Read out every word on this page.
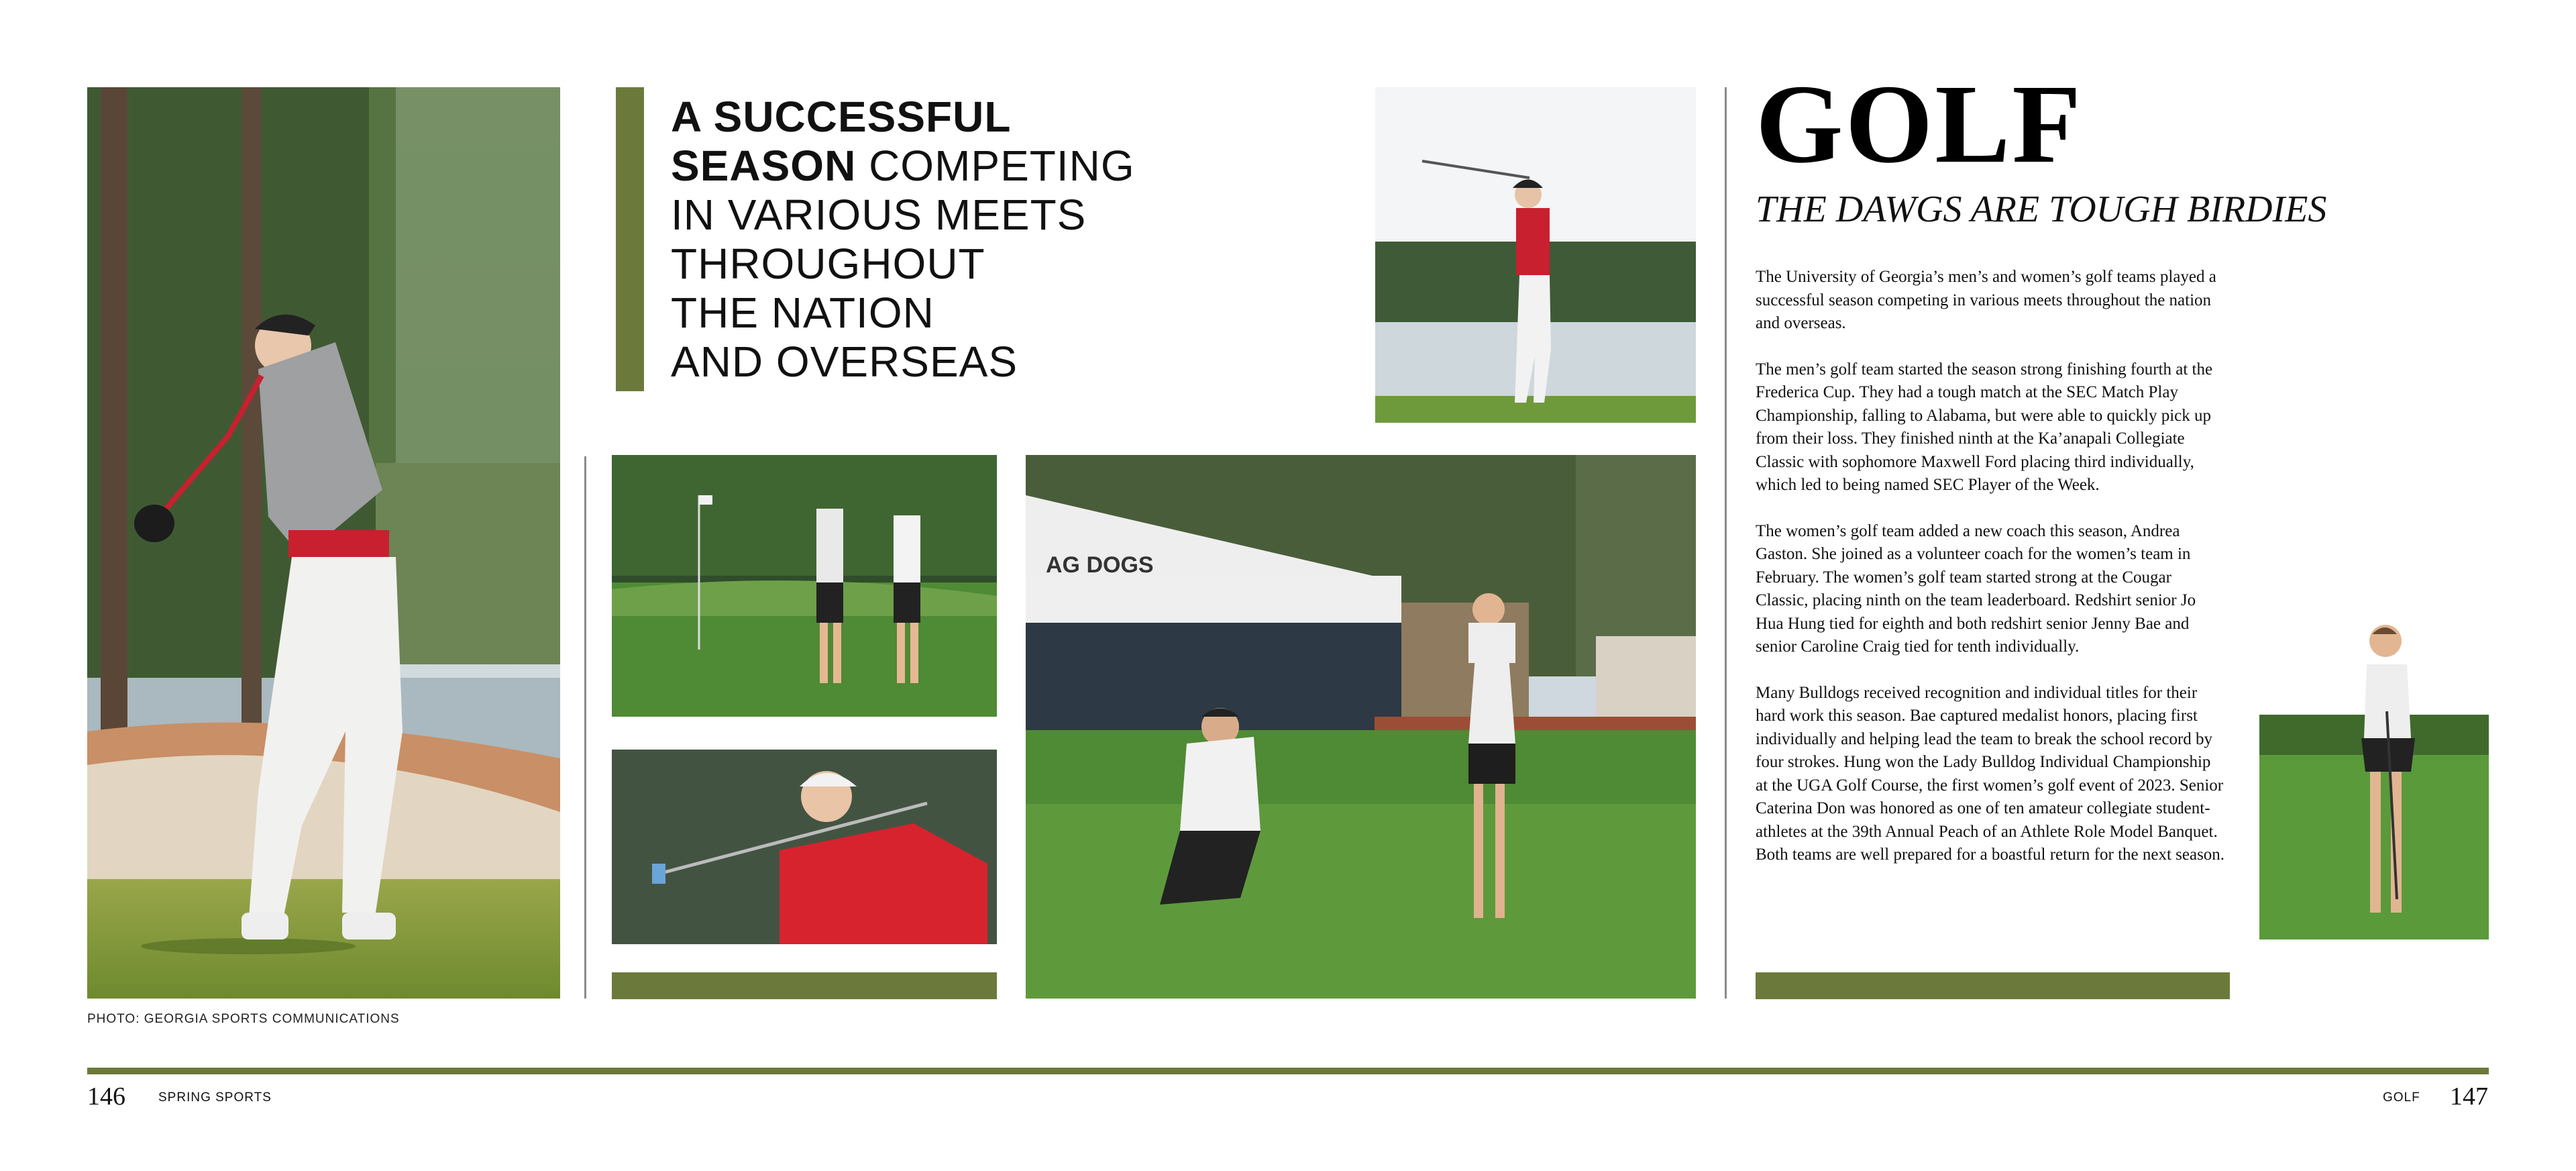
A SUCCESSFUL
SEASON COMPETING
IN VARIOUS MEETS
THROUGHOUT
THE NATION
AND OVERSEAS
AG DOGS
PHOTO: GEORGIA SPORTS COMMUNICATIONS
GOLF
THE DAWGS ARE TOUGH BIRDIES

The University of Georgia’s men’s and women’s golf teams played a successful season competing in various meets throughout the nation and overseas.

The men’s golf team started the season strong finishing fourth at the Frederica Cup. They had a tough match at the SEC Match Play Championship, falling to Alabama, but were able to quickly pick up from their loss. They finished ninth at the Ka’anapali Collegiate Classic with sophomore Maxwell Ford placing third individually, which led to being named SEC Player of the Week.

The women’s golf team added a new coach this season, Andrea Gaston. She joined as a volunteer coach for the women’s team in February. The women’s golf team started strong at the Cougar Classic, placing ninth on the team leaderboard. Redshirt senior Jo Hua Hung tied for eighth and both redshirt senior Jenny Bae and senior Caroline Craig tied for tenth individually.

Many Bulldogs received recognition and individual titles for their hard work this season. Bae captured medalist honors, placing first individually and helping lead the team to break the school record by four strokes. Hung won the Lady Bulldog Individual Championship at the UGA Golf Course, the first women’s golf event of 2023. Senior Caterina Don was honored as one of ten amateur collegiate student-athletes at the 39th Annual Peach of an Athlete Role Model Banquet. Both teams are well prepared for a boastful return for the next season.

146	SPRING SPORTS	GOLF 147
